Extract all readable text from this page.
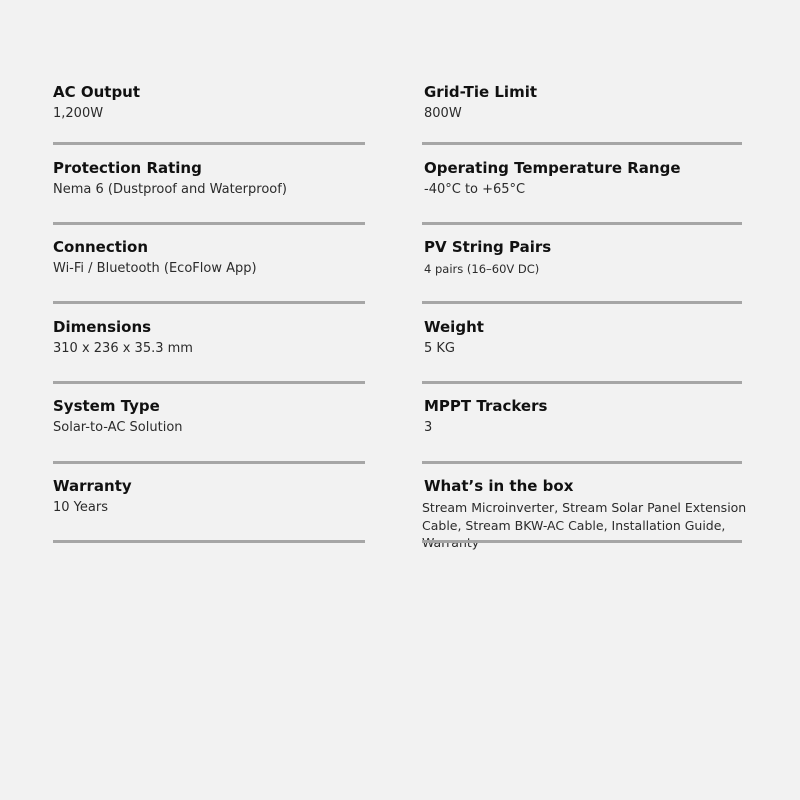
AC Output
1,200W
Protection Rating
Nema 6 (Dustproof and Waterproof)
Connection
Wi-Fi / Bluetooth (EcoFlow App)
Dimensions
310 x 236 x 35.3 mm
System Type
Solar-to-AC Solution
Warranty
10 Years
Grid-Tie Limit
800W
Operating Temperature Range
-40°C to +65°C
PV String Pairs
4 pairs (16–60V DC)
Weight
5 KG
MPPT Trackers
3
What’s in the box
Stream Microinverter, Stream Solar Panel Extension Cable, Stream BKW-AC Cable, Installation Guide,
